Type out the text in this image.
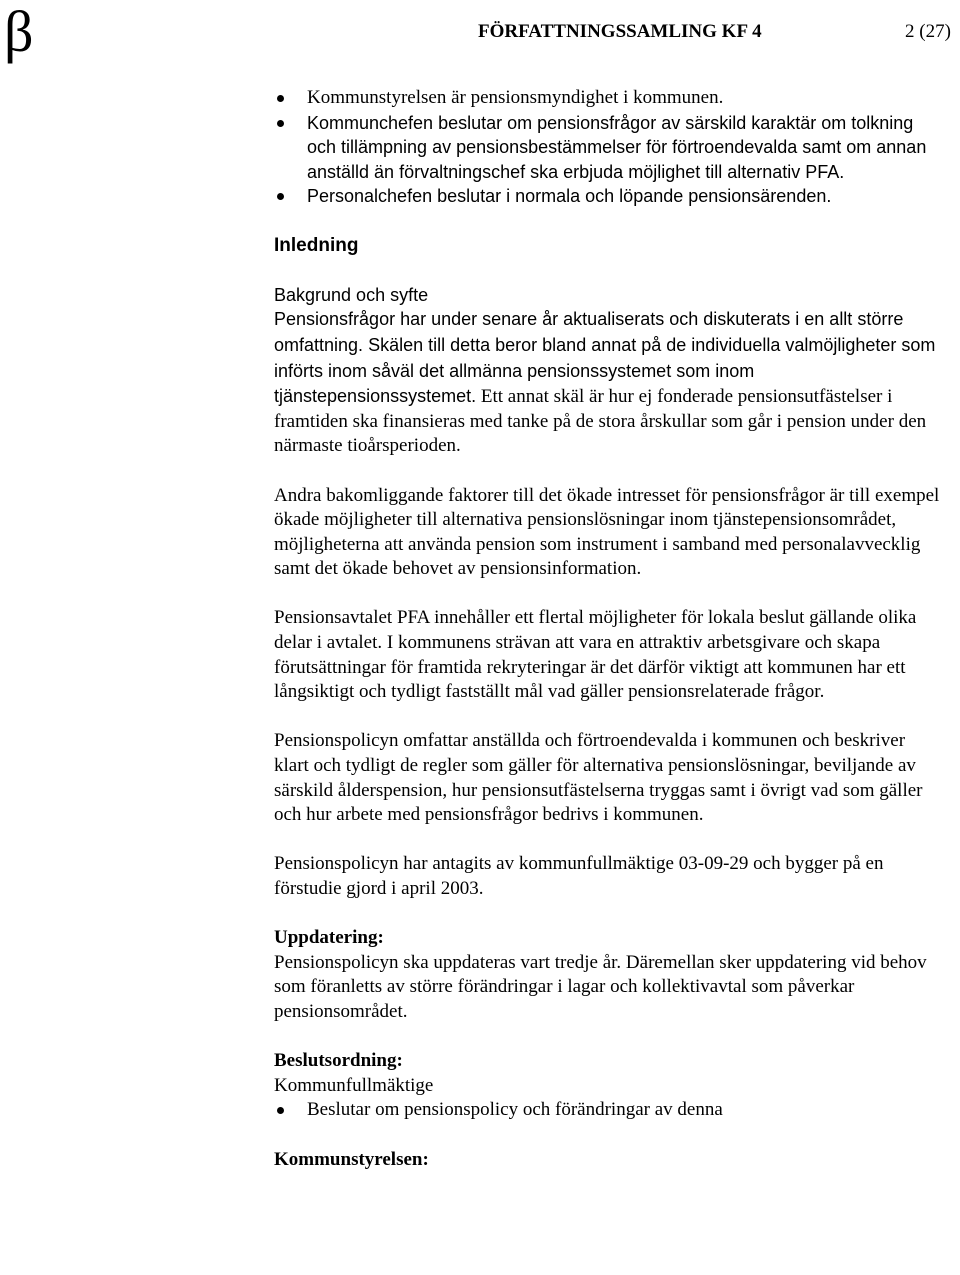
β	FÖRFATTNINGSSAMLING KF 4	2 (27)
Kommunstyrelsen är pensionsmyndighet i kommunen.
Kommunchefen beslutar om pensionsfrågor av särskild karaktär om tolkning och tillämpning av pensionsbestämmelser för förtroendevalda samt om annan anställd än förvaltningschef ska erbjuda möjlighet till alternativ PFA.
Personalchefen beslutar i normala och löpande pensionsärenden.

Inledning

Bakgrund och syfte

Pensionsfrågor har under senare år aktualiserats och diskuterats i en allt större omfattning. Skälen till detta beror bland annat på de individuella valmöjligheter som införts inom såväl det allmänna pensionssystemet som inom tjänstepensionssystemet. Ett annat skäl är hur ej fonderade pensionsutfästelser i framtiden ska finansieras med tanke på de stora årskullar som går i pension under den närmaste tioårsperioden.

Andra bakomliggande faktorer till det ökade intresset för pensionsfrågor är till exempel ökade möjligheter till alternativa pensionslösningar inom tjänstepensionsområdet, möjligheterna att använda pension som instrument i samband med personalavvecklig samt det ökade behovet av pensionsinformation.

Pensionsavtalet PFA innehåller ett flertal möjligheter för lokala beslut gällande olika delar i avtalet. I kommunens strävan att vara en attraktiv arbetsgivare och skapa förutsättningar för framtida rekryteringar är det därför viktigt att kommunen har ett långsiktigt och tydligt fastställt mål vad gäller pensionsrelaterade frågor.

Pensionspolicyn omfattar anställda och förtroendevalda i kommunen och beskriver klart och tydligt de regler som gäller för alternativa pensionslösningar, beviljande av särskild ålderspension, hur pensionsutfästelserna tryggas samt i övrigt vad som gäller och hur arbete med pensionsfrågor bedrivs i kommunen.

Pensionspolicyn har antagits av kommunfullmäktige 03-09-29 och bygger på en förstudie gjord i april 2003.

Uppdatering:

Pensionspolicyn ska uppdateras vart tredje år. Däremellan sker uppdatering vid behov som föranletts av större förändringar i lagar och kollektivavtal som påverkar pensionsområdet.

Beslutsordning:

Kommunfullmäktige

Beslutar om pensionspolicy och förändringar av denna

Kommunstyrelsen:
